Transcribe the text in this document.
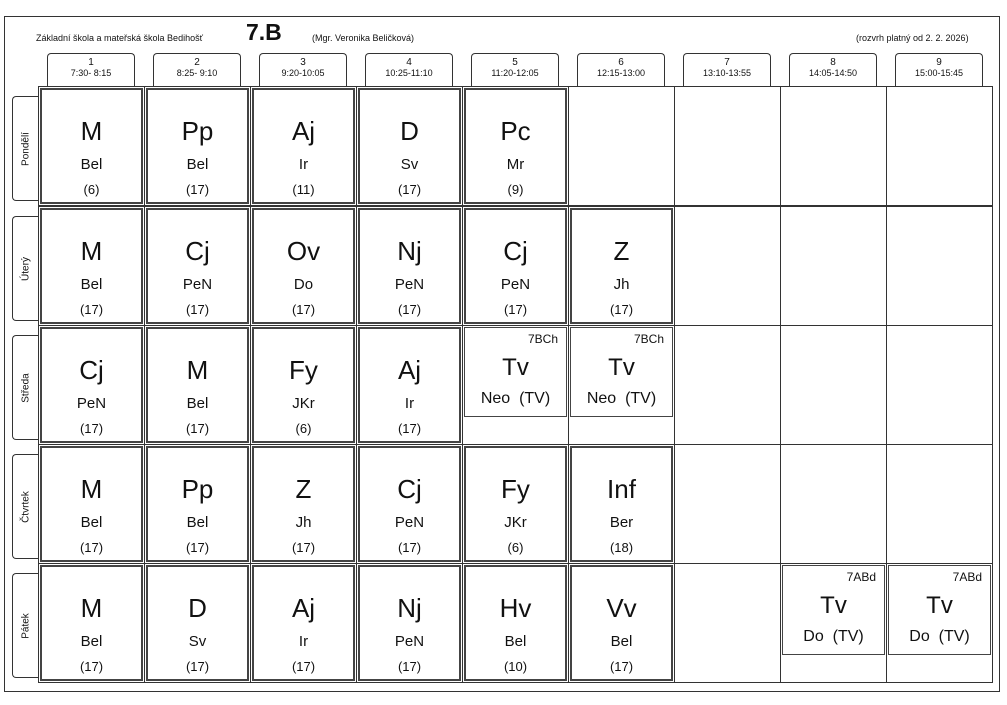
Základní škola a mateřská škola Bedihošť 7.B	(Mgr. Veronika Beličková)	(rozvrh platný od 2. 2. 2026)
1
7:30- 8:15
2
8:25- 9:10
3
9:20-10:05
4
10:25-11:10
5
11:20-12:05
6
12:15-13:00
7
13:10-13:55
8
14:05-14:50
9
15:00-15:45
Pondělí
M
Bel
(6)
Pp
Bel
(17)
Aj
Ir
(11)
D
Sv
(17)
Pc
Mr
(9)
Úterý
M
Bel
(17)
Cj
PeN
(17)
Ov
Do
(17)
Nj
PeN
(17)
Cj
PeN
(17)
Z
Jh
(17)
Středa
Cj
PeN
(17)
M
Bel
(17)
Fy
JKr
(6)
Aj
Ir
(17)
7BCh
Tv
Neo (TV)
7BCh
Tv
Neo (TV)
Čtvrtek
M
Bel
(17)
Pp
Bel
(17)
Z
Jh
(17)
Cj
PeN
(17)
Fy
JKr
(6)
Inf
Ber
(18)
Pátek
M
Bel
(17)
D
Sv
(17)
Aj
Ir
(17)
Nj
PeN
(17)
Hv
Bel
(10)
Vv
Bel
(17)
7ABd
Tv
Do (TV)
7ABd
Tv
Do (TV)
